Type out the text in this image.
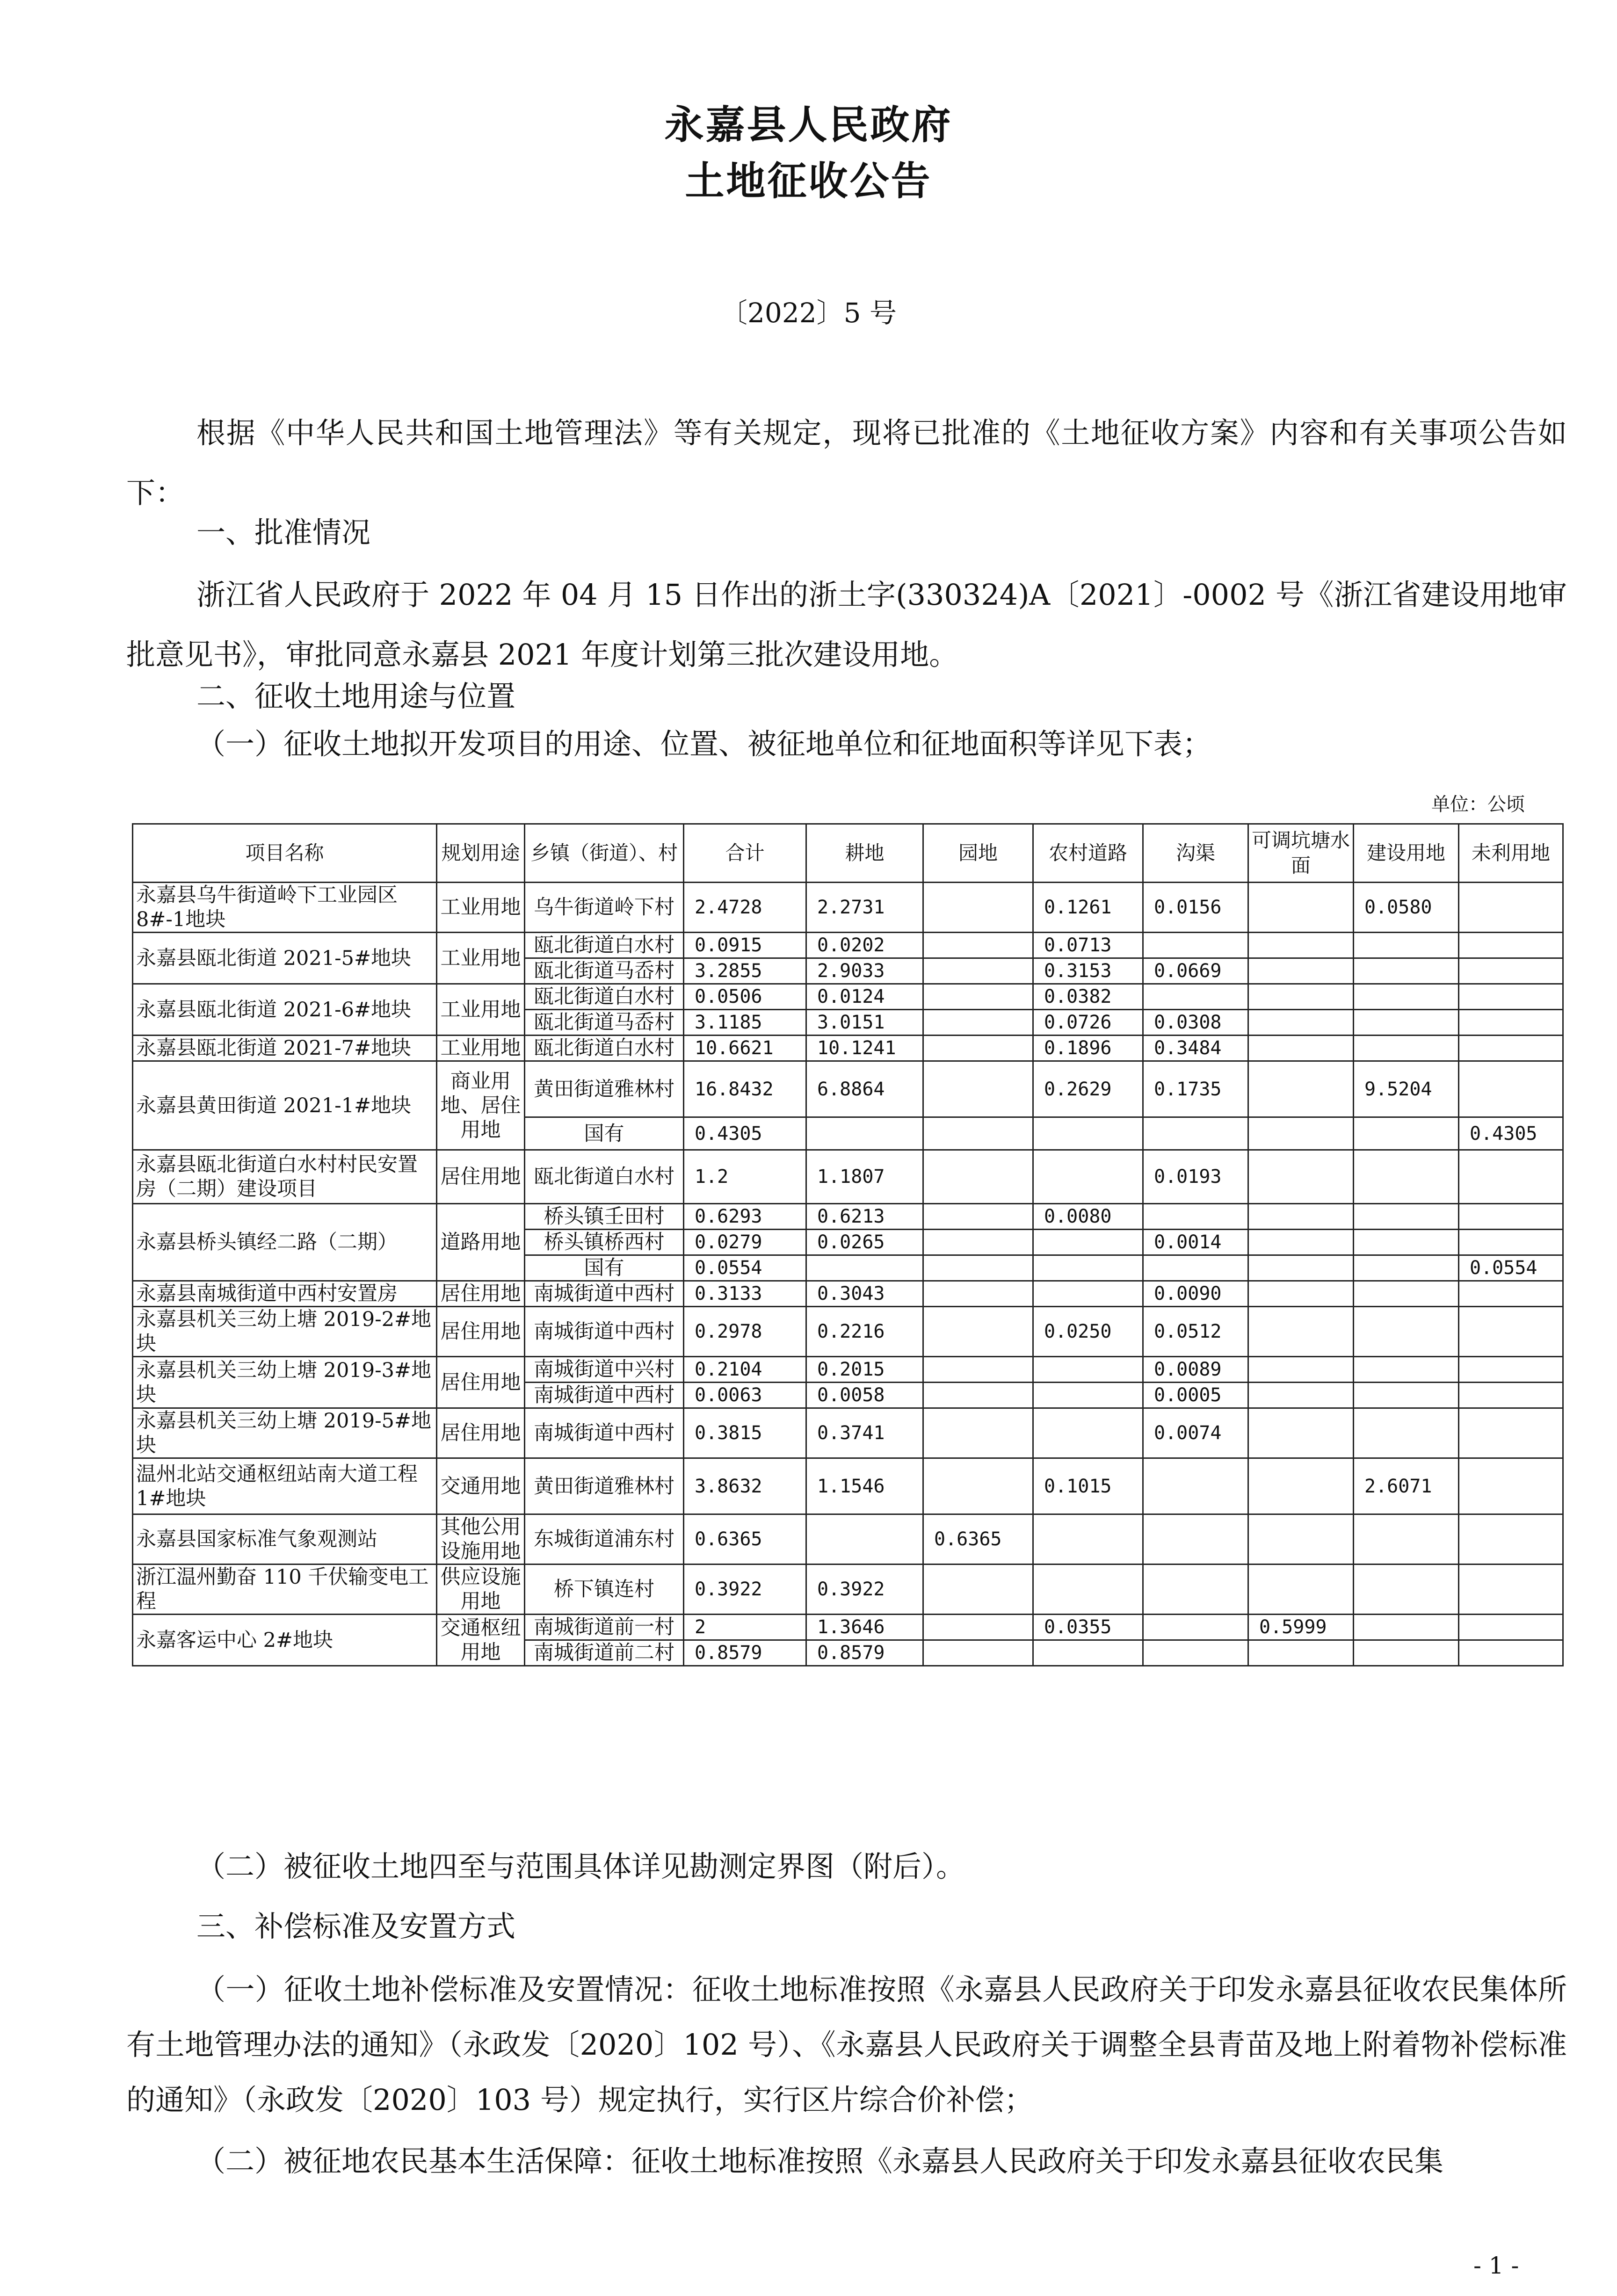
永嘉县人民政府
土地征收公告
〔2022〕5 号
根据《中华人民共和国土地管理法》等有关规定，现将已批准的《土地征收方案》内容和有关事项公告如下：
一、批准情况
浙江省人民政府于 2022 年 04 月 15 日作出的浙土字(330324)A〔2021〕-0002 号《浙江省建设用地审批意见书》，审批同意永嘉县 2021 年度计划第三批次建设用地。
二、征收土地用途与位置
（一）征收土地拟开发项目的用途、位置、被征地单位和征地面积等详见下表；
单位：公顷
项目名称	规划用途	乡镇（街道）、村	合计	耕地	园地	农村道路	沟渠	可调坑塘水面	建设用地	未利用地
永嘉县乌牛街道岭下工业园区8#-1地块	工业用地	乌牛街道岭下村	2.4728	2.2731		0.1261	0.0156		0.0580	
永嘉县瓯北街道 2021-5#地块	工业用地	瓯北街道白水村	0.0915	0.0202		0.0713				
		瓯北街道马岙村	3.2855	2.9033		0.3153	0.0669			
永嘉县瓯北街道 2021-6#地块	工业用地	瓯北街道白水村	0.0506	0.0124		0.0382				
		瓯北街道马岙村	3.1185	3.0151		0.0726	0.0308			
永嘉县瓯北街道 2021-7#地块	工业用地	瓯北街道白水村	10.6621	10.1241		0.1896	0.3484			
永嘉县黄田街道 2021-1#地块	商业用地、居住用地	黄田街道雅林村	16.8432	6.8864		0.2629	0.1735		9.5204	
		国有	0.4305							0.4305
永嘉县瓯北街道白水村村民安置房（二期）建设项目	居住用地	瓯北街道白水村	1.2	1.1807			0.0193			
永嘉县桥头镇经二路（二期）	道路用地	桥头镇壬田村	0.6293	0.6213		0.0080				
		桥头镇桥西村	0.0279	0.0265			0.0014			
		国有	0.0554							0.0554
永嘉县南城街道中西村安置房	居住用地	南城街道中西村	0.3133	0.3043			0.0090			
永嘉县机关三幼上塘 2019-2#地块	居住用地	南城街道中西村	0.2978	0.2216		0.0250	0.0512			
永嘉县机关三幼上塘 2019-3#地块	居住用地	南城街道中兴村	0.2104	0.2015			0.0089			
		南城街道中西村	0.0063	0.0058			0.0005			
永嘉县机关三幼上塘 2019-5#地块	居住用地	南城街道中西村	0.3815	0.3741			0.0074			
温州北站交通枢纽站南大道工程1#地块	交通用地	黄田街道雅林村	3.8632	1.1546		0.1015			2.6071	
永嘉县国家标准气象观测站	其他公用设施用地	东城街道浦东村	0.6365		0.6365					
浙江温州勤奋 110 千伏输变电工程	供应设施用地	桥下镇连村	0.3922	0.3922						
永嘉客运中心 2#地块	交通枢纽用地	南城街道前一村	2	1.3646		0.0355		0.5999		
		南城街道前二村	0.8579	0.8579						
（二）被征收土地四至与范围具体详见勘测定界图（附后）。
三、补偿标准及安置方式
（一）征收土地补偿标准及安置情况：征收土地标准按照《永嘉县人民政府关于印发永嘉县征收农民集体所有土地管理办法的通知》（永政发〔2020〕102 号）、《永嘉县人民政府关于调整全县青苗及地上附着物补偿标准的通知》（永政发〔2020〕103 号）规定执行，实行区片综合价补偿；
（二）被征地农民基本生活保障：征收土地标准按照《永嘉县人民政府关于印发永嘉县征收农民集
- 1 -
